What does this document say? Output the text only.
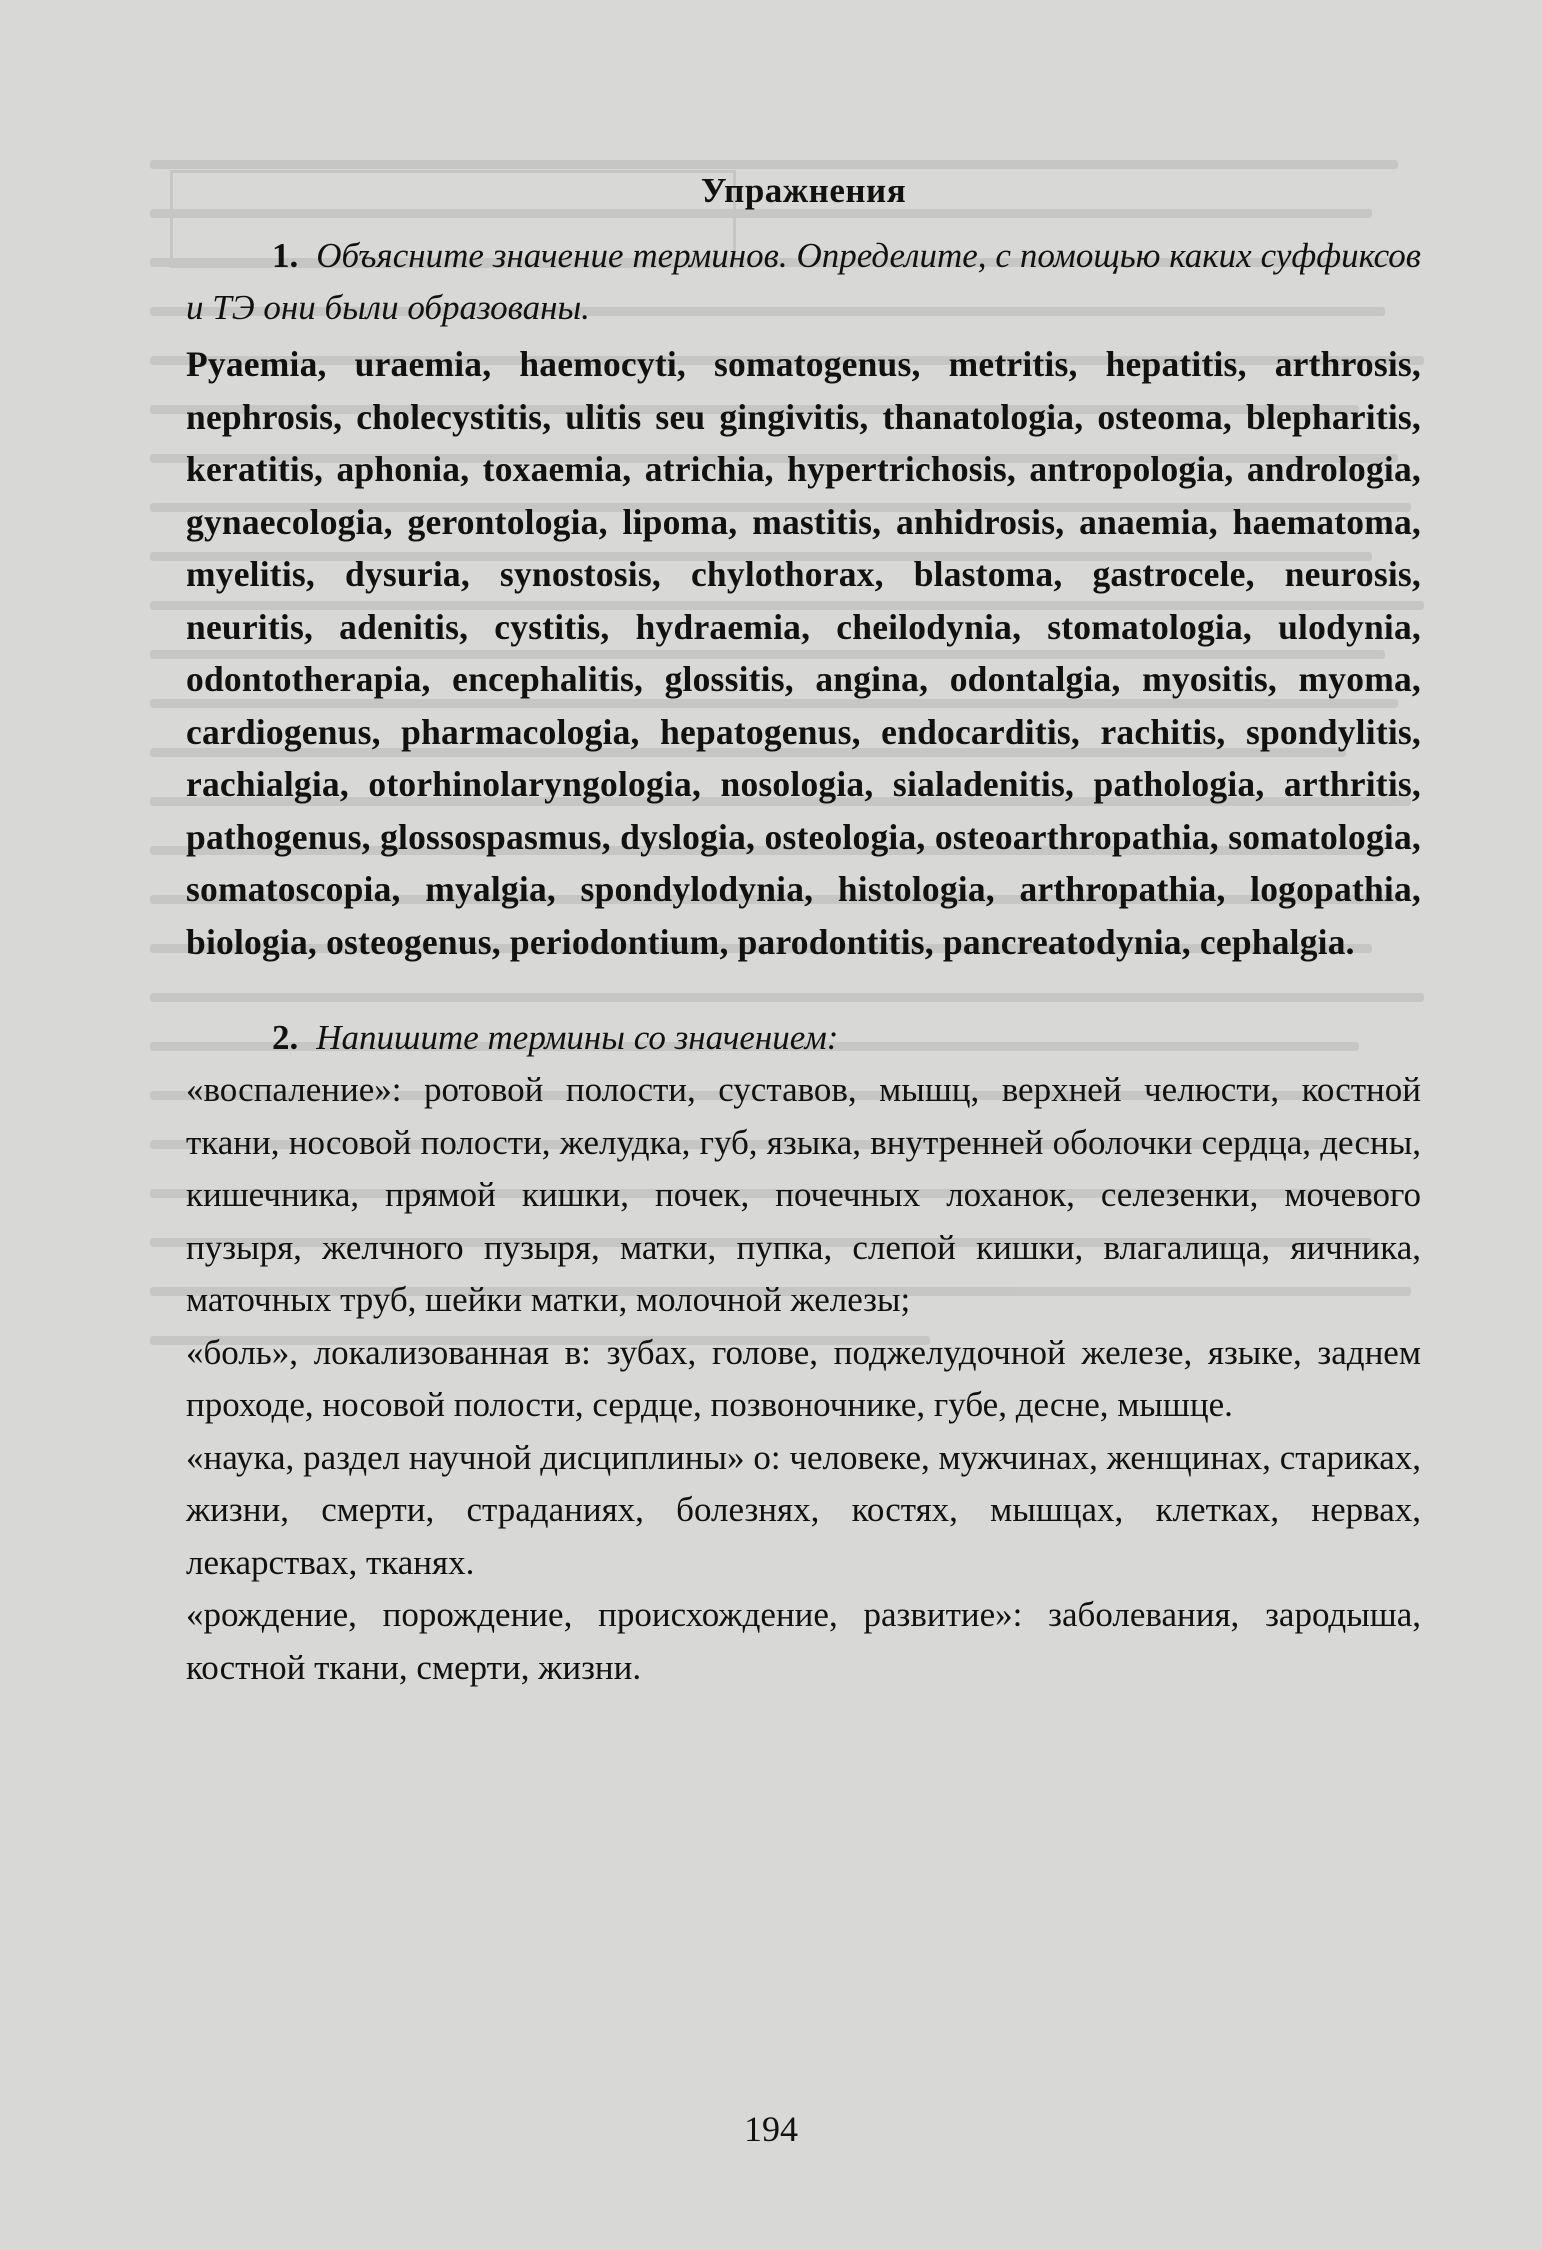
Упражнения

1. Объясните значение терминов. Определите, с помощью каких суффиксов и ТЭ они были образованы.

Pyaemia, uraemia, haemocyti, somatogenus, metritis, hepatitis, arthrosis, nephrosis, cholecystitis, ulitis seu gingivitis, thanatologia, osteoma, blepharitis, keratitis, aphonia, toxaemia, atrichia, hypertrichosis, antropologia, andrologia, gynaecologia, gerontologia, lipoma, mastitis, anhidrosis, anaemia, haematoma, myelitis, dysuria, synostosis, chylothorax, blastoma, gastrocele, neurosis, neuritis, adenitis, cystitis, hydraemia, cheilodynia, stomatologia, ulodynia, odontotherapia, encephalitis, glossitis, angina, odontalgia, myositis, myoma, cardiogenus, pharmacologia, hepatogenus, endocarditis, rachitis, spondylitis, rachialgia, otorhinolaryngologia, nosologia, sialadenitis, pathologia, arthritis, pathogenus, glossospasmus, dyslogia, osteologia, osteoarthropathia, somatologia, somatoscopia, myalgia, spondylodynia, histologia, arthropathia, logopathia, biologia, osteogenus, periodontium, parodontitis, pancreatodynia, cephalgia.

2. Напишите термины со значением:

«воспаление»: ротовой полости, суставов, мышц, верхней челюсти, костной ткани, носовой полости, желудка, губ, языка, внутренней оболочки сердца, десны, кишечника, прямой кишки, почек, почечных лоханок, селезенки, мочевого пузыря, желчного пузыря, матки, пупка, слепой кишки, влагалища, яичника, маточных труб, шейки матки, молочной железы;

«боль», локализованная в: зубах, голове, поджелудочной железе, языке, заднем проходе, носовой полости, сердце, позвоночнике, губе, десне, мышце.

«наука, раздел научной дисциплины» о: человеке, мужчинах, женщинах, стариках, жизни, смерти, страданиях, болезнях, костях, мышцах, клетках, нервах, лекарствах, тканях.

«рождение, порождение, происхождение, развитие»: заболевания, зародыша, костной ткани, смерти, жизни.

194
